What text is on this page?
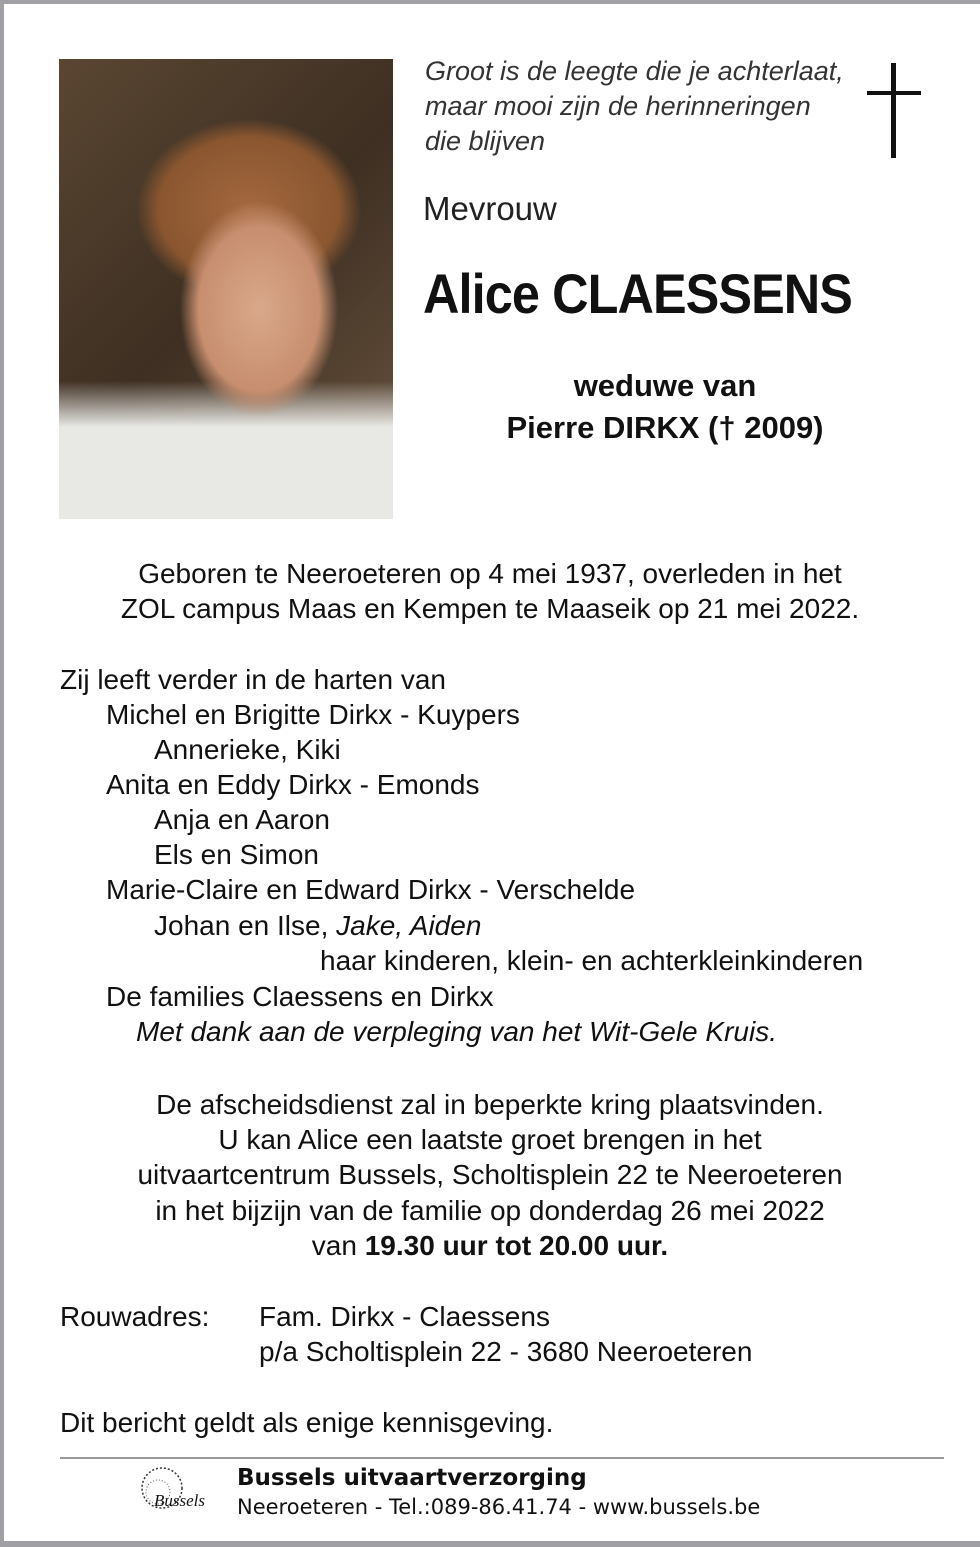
Groot is de leegte die je achterlaat, maar mooi zijn de herinneringen die blijven
Mevrouw
Alice CLAESSENS
weduwe van
Pierre DIRKX († 2009)
Geboren te Neeroeteren op 4 mei 1937, overleden in het
ZOL campus Maas en Kempen te Maaseik op 21 mei 2022.
Zij leeft verder in de harten van
Michel en Brigitte Dirkx - Kuypers
Annerieke, Kiki
Anita en Eddy Dirkx - Emonds
Anja en Aaron
Els en Simon
Marie-Claire en Edward Dirkx - Verschelde
Johan en Ilse, Jake, Aiden
haar kinderen, klein- en achterkleinkinderen
De families Claessens en Dirkx
Met dank aan de verpleging van het Wit-Gele Kruis.
De afscheidsdienst zal in beperkte kring plaatsvinden.
U kan Alice een laatste groet brengen in het
uitvaartcentrum Bussels, Scholtisplein 22 te Neeroeteren
in het bijzijn van de familie op donderdag 26 mei 2022
van 19.30 uur tot 20.00 uur.
Rouwadres: Fam. Dirkx - Claessens
p/a Scholtisplein 22 - 3680 Neeroeteren
Dit bericht geldt als enige kennisgeving.
Bussels
Bussels uitvaartverzorging
Neeroeteren - Tel.:089-86.41.74 - www.bussels.be
